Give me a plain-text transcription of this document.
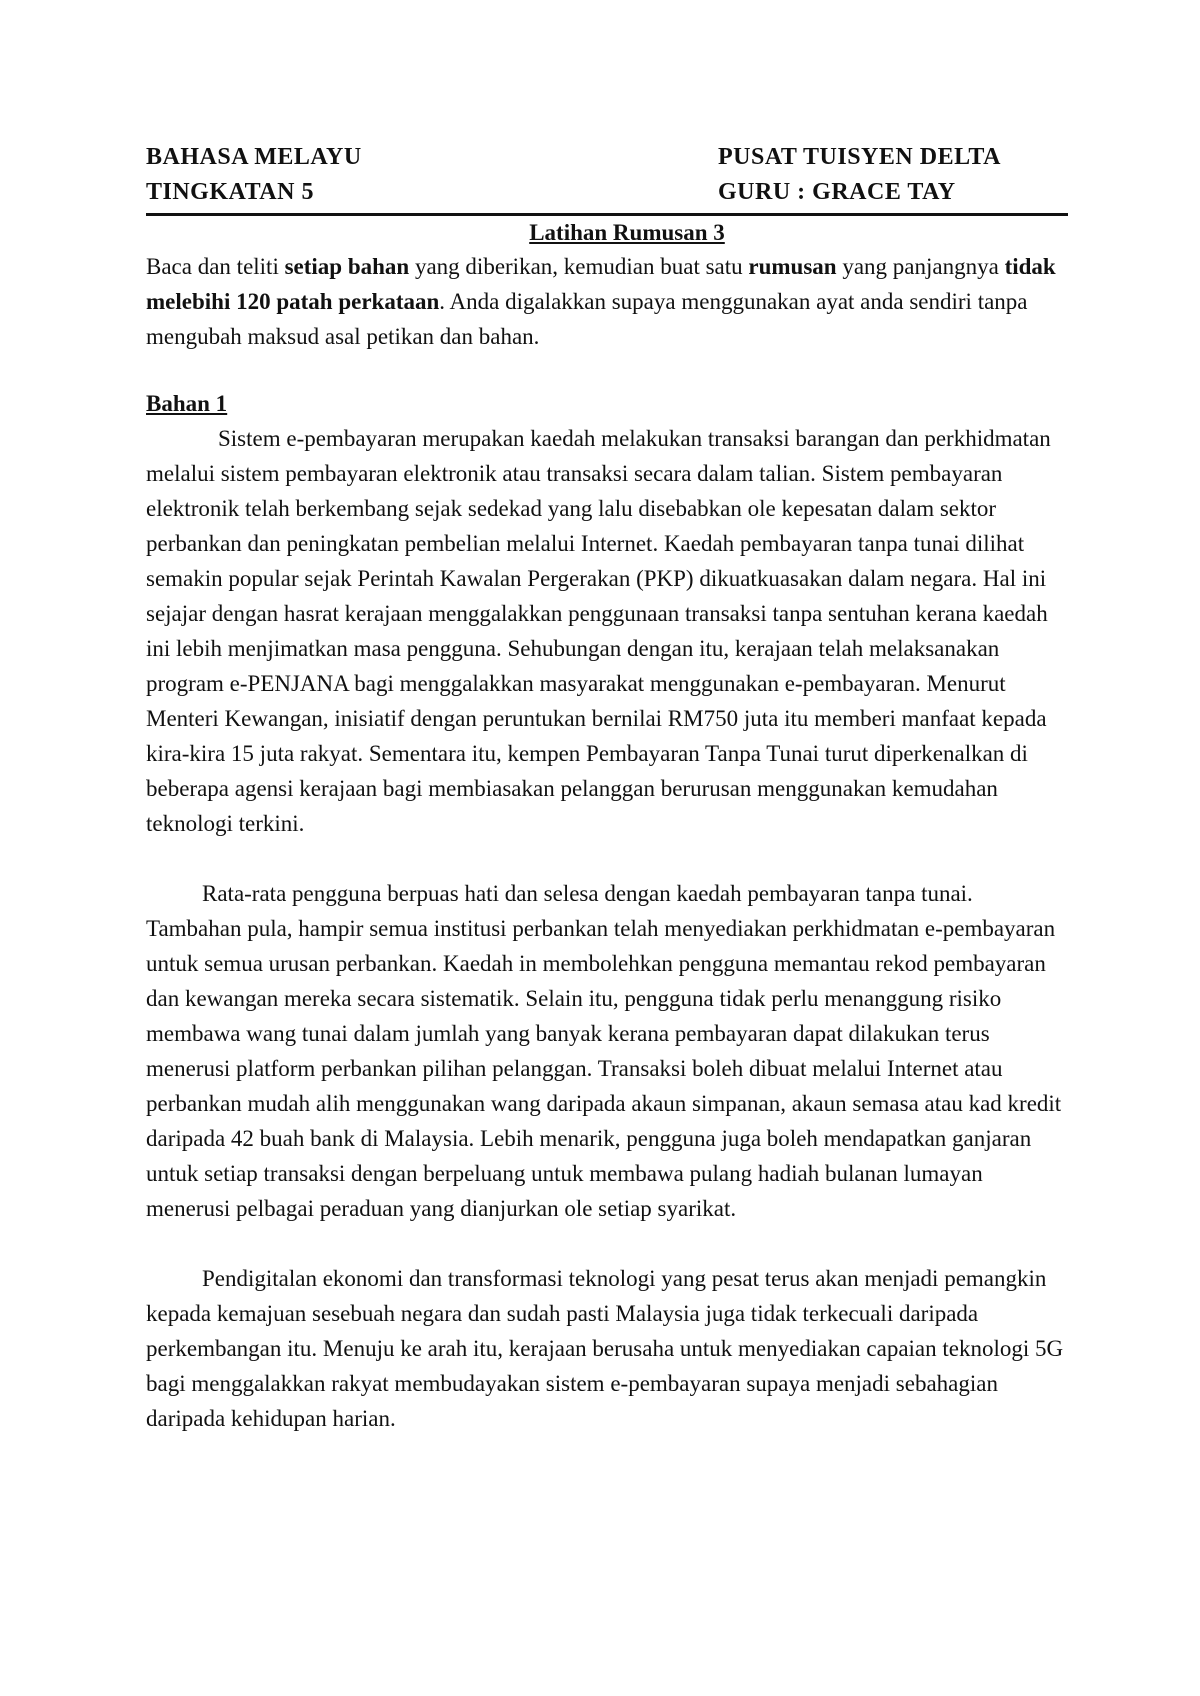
BAHASA MELAYU
TINGKATAN 5
PUSAT TUISYEN DELTA
GURU : GRACE TAY
Latihan Rumusan 3

Baca dan teliti setiap bahan yang diberikan, kemudian buat satu rumusan yang panjangnya tidak melebihi 120 patah perkataan. Anda digalakkan supaya menggunakan ayat anda sendiri tanpa mengubah maksud asal petikan dan bahan.

Bahan 1

Sistem e-pembayaran merupakan kaedah melakukan transaksi barangan dan perkhidmatan melalui sistem pembayaran elektronik atau transaksi secara dalam talian. Sistem pembayaran elektronik telah berkembang sejak sedekad yang lalu disebabkan ole kepesatan dalam sektor perbankan dan peningkatan pembelian melalui Internet. Kaedah pembayaran tanpa tunai dilihat semakin popular sejak Perintah Kawalan Pergerakan (PKP) dikuatkuasakan dalam negara. Hal ini sejajar dengan hasrat kerajaan menggalakkan penggunaan transaksi tanpa sentuhan kerana kaedah ini lebih menjimatkan masa pengguna. Sehubungan dengan itu, kerajaan telah melaksanakan program e-PENJANA bagi menggalakkan masyarakat menggunakan e-pembayaran. Menurut Menteri Kewangan, inisiatif dengan peruntukan bernilai RM750 juta itu memberi manfaat kepada kira-kira 15 juta rakyat. Sementara itu, kempen Pembayaran Tanpa Tunai turut diperkenalkan di beberapa agensi kerajaan bagi membiasakan pelanggan berurusan menggunakan kemudahan teknologi terkini.

Rata-rata pengguna berpuas hati dan selesa dengan kaedah pembayaran tanpa tunai. Tambahan pula, hampir semua institusi perbankan telah menyediakan perkhidmatan e-pembayaran untuk semua urusan perbankan. Kaedah in membolehkan pengguna memantau rekod pembayaran dan kewangan mereka secara sistematik. Selain itu, pengguna tidak perlu menanggung risiko membawa wang tunai dalam jumlah yang banyak kerana pembayaran dapat dilakukan terus menerusi platform perbankan pilihan pelanggan. Transaksi boleh dibuat melalui Internet atau perbankan mudah alih menggunakan wang daripada akaun simpanan, akaun semasa atau kad kredit daripada 42 buah bank di Malaysia. Lebih menarik, pengguna juga boleh mendapatkan ganjaran untuk setiap transaksi dengan berpeluang untuk membawa pulang hadiah bulanan lumayan menerusi pelbagai peraduan yang dianjurkan ole setiap syarikat.

Pendigitalan ekonomi dan transformasi teknologi yang pesat terus akan menjadi pemangkin kepada kemajuan sesebuah negara dan sudah pasti Malaysia juga tidak terkecuali daripada perkembangan itu. Menuju ke arah itu, kerajaan berusaha untuk menyediakan capaian teknologi 5G bagi menggalakkan rakyat membudayakan sistem e-pembayaran supaya menjadi sebahagian daripada kehidupan harian.
